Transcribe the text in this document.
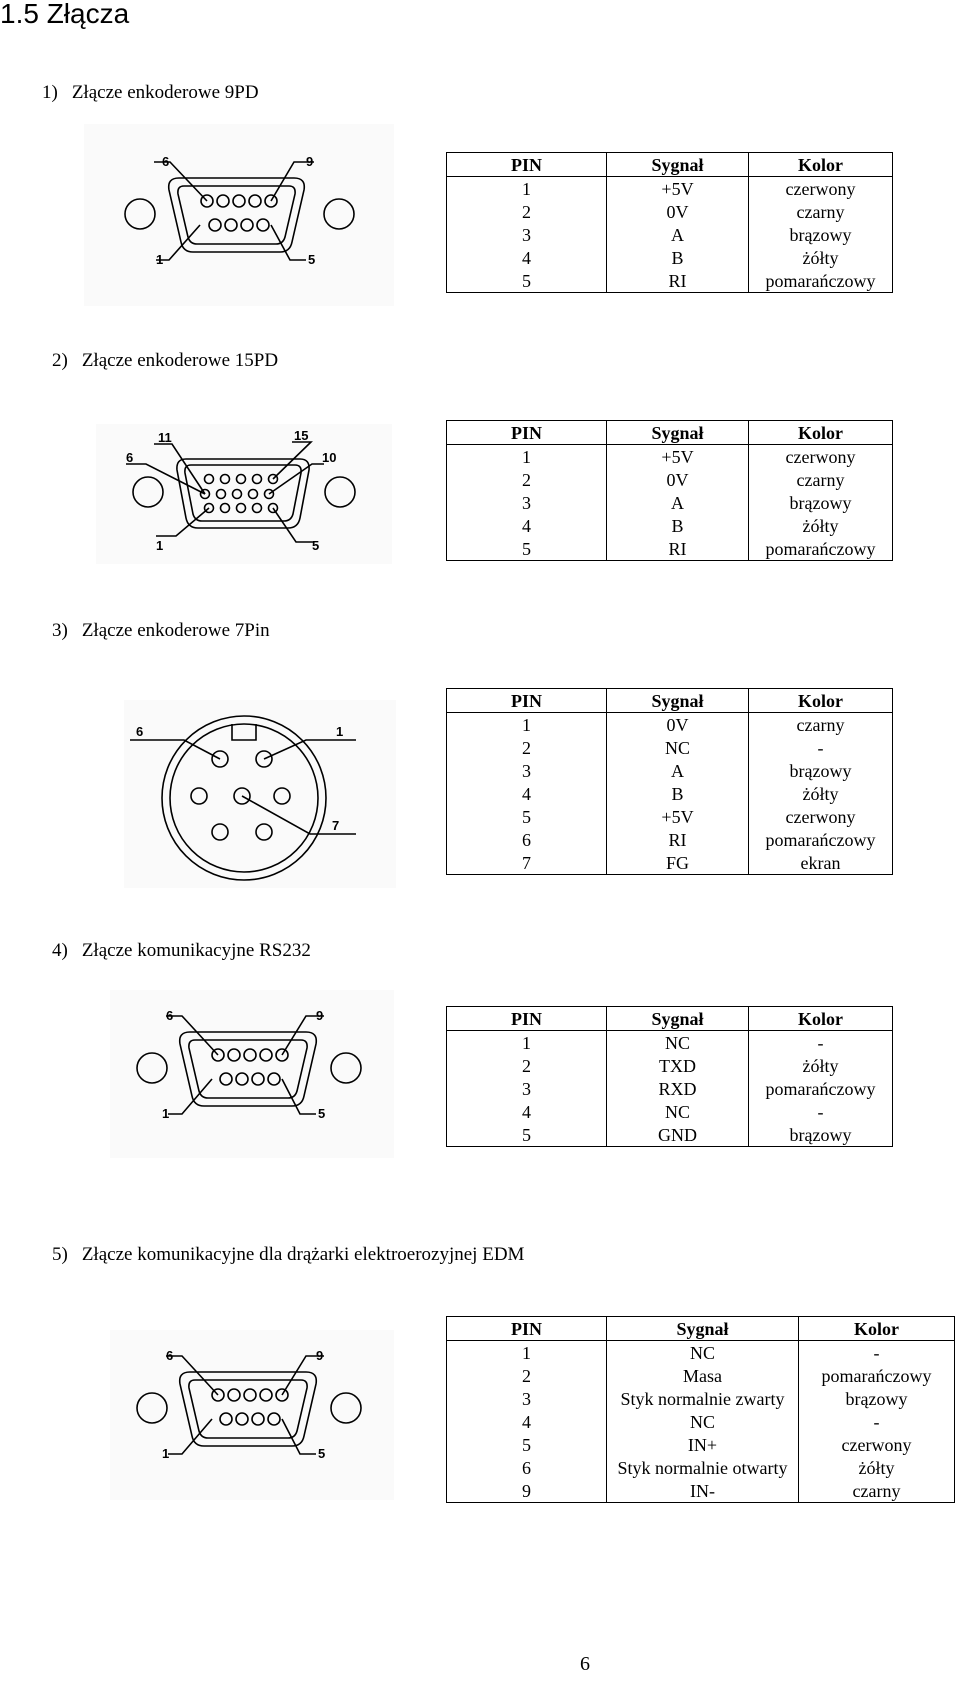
1.5 Złącza
1) Złącze enkoderowe 9PD
6	9
1	5
PIN	Sygnał	Kolor
1	+5V	czerwony
2	0V	czarny
3	A	brązowy
4	B	żółty
5	RI	pomarańczowy
2) Złącze enkoderowe 15PD
11	15
6	10
1	5
PIN	Sygnał	Kolor
1	+5V	czerwony
2	0V	czarny
3	A	brązowy
4	B	żółty
5	RI	pomarańczowy
3) Złącze enkoderowe 7Pin
6	1
7
PIN	Sygnał	Kolor
1	0V	czarny
2	NC	-
3	A	brązowy
4	B	żółty
5	+5V	czerwony
6	RI	pomarańczowy
7	FG	ekran
4) Złącze komunikacyjne RS232
6	9
1	5
PIN	Sygnał	Kolor
1	NC	-
2	TXD	żółty
3	RXD	pomarańczowy
4	NC	-
5	GND	brązowy
5) Złącze komunikacyjne dla drążarki elektroerozyjnej EDM
6	9
1	5
PIN	Sygnał	Kolor
1	NC	-
2	Masa	pomarańczowy
3	Styk normalnie zwarty	brązowy
4	NC	-
5	IN+	czerwony
6	Styk normalnie otwarty	żółty
9	IN-	czarny
6
